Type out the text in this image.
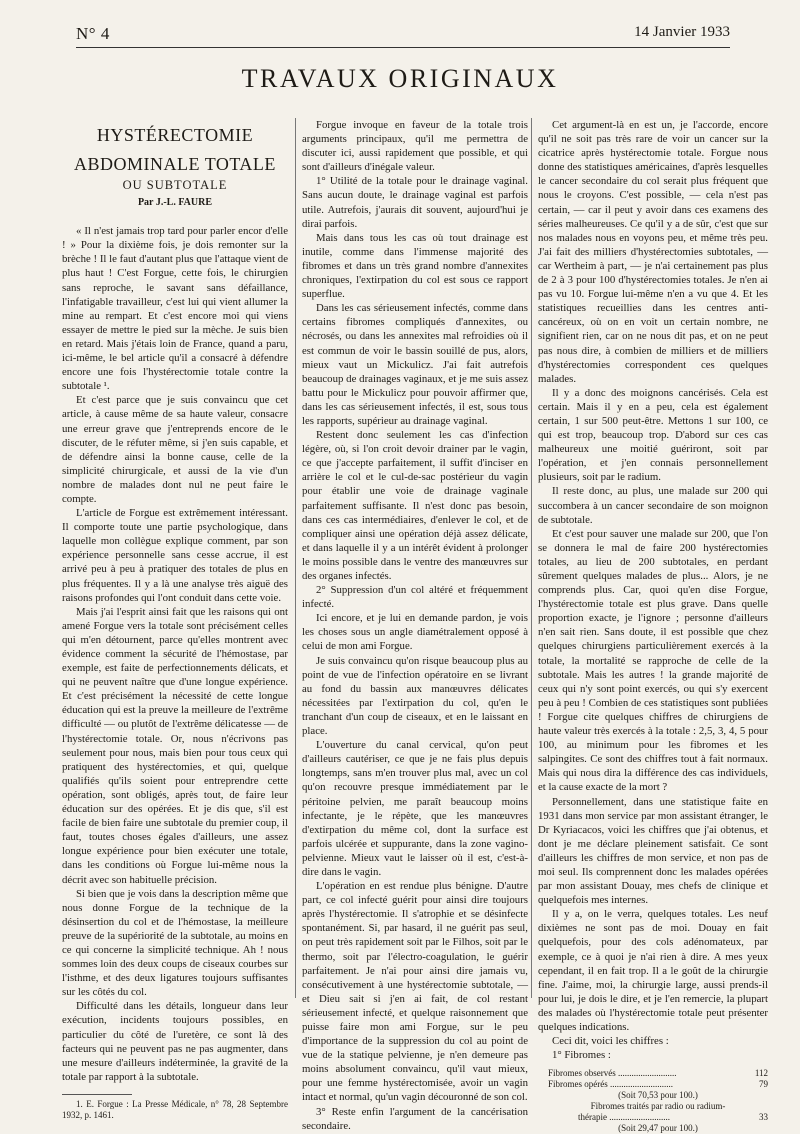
N° 4	14 Janvier 1933
TRAVAUX ORIGINAUX
HYSTÉRECTOMIE
ABDOMINALE TOTALE
OU SUBTOTALE
Par J.-L. FAURE

« Il n'est jamais trop tard pour parler encor d'elle ! » Pour la dixième fois, je dois remonter sur la brèche ! Il le faut d'autant plus que l'attaque vient de plus haut ! C'est Forgue, cette fois, le chirurgien sans reproche, le savant sans défaillance, l'infatigable travailleur, c'est lui qui vient allumer la mine au rempart. Et c'est encore moi qui viens essayer de mettre le pied sur la mèche. Je suis bien en retard. Mais j'étais loin de France, quand a paru, ici-même, le bel article qu'il a consacré à défendre encore une fois l'hystérectomie totale contre la subtotale ¹.

Et c'est parce que je suis convaincu que cet article, à cause même de sa haute valeur, consacre une erreur grave que j'entreprends encore de le discuter, de le réfuter même, si j'en suis capable, et de défendre ainsi la bonne cause, celle de la simplicité chirurgicale, et aussi de la vie d'un nombre de malades dont nul ne peut faire le compte.

L'article de Forgue est extrêmement intéressant. Il comporte toute une partie psychologique, dans laquelle mon collègue explique comment, par son expérience personnelle sans cesse accrue, il est arrivé peu à peu à pratiquer des totales de plus en plus fréquentes. Il y a là une analyse très aiguë des raisons profondes qui l'ont conduit dans cette voie.

Mais j'ai l'esprit ainsi fait que les raisons qui ont amené Forgue vers la totale sont précisément celles qui m'en détournent, parce qu'elles montrent avec évidence comment la sécurité de l'hémostase, par exemple, est faite de perfectionnements délicats, et qui ne peuvent naître que d'une longue expérience. Et c'est précisément la nécessité de cette longue éducation qui est la preuve la meilleure de l'extrême difficulté — ou plutôt de l'extrême délicatesse — de l'hystérectomie totale. Or, nous n'écrivons pas seulement pour nous, mais bien pour tous ceux qui pratiquent des hystérectomies, et qui, quelque qualifiés qu'ils soient pour entreprendre cette opération, sont obligés, après tout, de faire leur éducation sur des opérées. Et je dis que, s'il est facile de bien faire une subtotale du premier coup, il faut, toutes choses égales d'ailleurs, une assez longue expérience pour bien exécuter une totale, dans les conditions où Forgue lui-même nous la décrit avec son habituelle précision.

Si bien que je vois dans la description même que nous donne Forgue de la technique de la désinsertion du col et de l'hémostase, la meilleure preuve de la supériorité de la subtotale, au moins en ce qui concerne la simplicité technique. Ah ! nous sommes loin des deux coups de ciseaux courbes sur l'isthme, et des deux ligatures toujours suffisantes sur les côtés du col.

Difficulté dans les détails, longueur dans leur exécution, incidents toujours possibles, en particulier du côté de l'uretère, ce sont là des facteurs qui ne peuvent pas ne pas augmenter, dans une mesure d'ailleurs indéterminée, la gravité de la totale par rapport à la subtotale.

1. E. Forgue : La Presse Médicale, n° 78, 28 Septembre 1932, p. 1461.

Forgue invoque en faveur de la totale trois arguments principaux, qu'il me permettra de discuter ici, aussi rapidement que possible, et qui sont d'ailleurs d'inégale valeur.

1° Utilité de la totale pour le drainage vaginal. Sans aucun doute, le drainage vaginal est parfois utile. Autrefois, j'aurais dit souvent, aujourd'hui je dirai parfois.

Mais dans tous les cas où tout drainage est inutile, comme dans l'immense majorité des fibromes et dans un très grand nombre d'annexites chroniques, l'extirpation du col est sous ce rapport superflue.

Dans les cas sérieusement infectés, comme dans certains fibromes compliqués d'annexites, ou nécrosés, ou dans les annexites mal refroidies où il est commun de voir le bassin souillé de pus, alors, mieux vaut un Mickulicz. J'ai fait autrefois beaucoup de drainages vaginaux, et je me suis assez battu pour le Mickulicz pour pouvoir affirmer que, dans les cas sérieusement infectés, il est, sous tous les rapports, supérieur au drainage vaginal.

Restent donc seulement les cas d'infection légère, où, si l'on croit devoir drainer par le vagin, ce que j'accepte parfaitement, il suffit d'inciser en arrière le col et le cul-de-sac postérieur du vagin pour établir une voie de drainage vaginale parfaitement suffisante. Il n'est donc pas besoin, dans ces cas intermédiaires, d'enlever le col, et de compliquer ainsi une opération déjà assez délicate, et dans laquelle il y a un intérêt évident à prolonger le moins possible dans le ventre des manœuvres sur des organes infectés.

2° Suppression d'un col altéré et fréquemment infecté.

Ici encore, et je lui en demande pardon, je vois les choses sous un angle diamétralement opposé à celui de mon ami Forgue.

Je suis convaincu qu'on risque beaucoup plus au point de vue de l'infection opératoire en se livrant au fond du bassin aux manœuvres délicates nécessitées par l'extirpation du col, qu'en le tranchant d'un coup de ciseaux, et en le laissant en place.

L'ouverture du canal cervical, qu'on peut d'ailleurs cautériser, ce que je ne fais plus depuis longtemps, sans m'en trouver plus mal, avec un col qu'on recouvre presque immédiatement par le péritoine pelvien, me paraît beaucoup moins infectante, je le répète, que les manœuvres d'extirpation du même col, dont la surface est parfois ulcérée et suppurante, dans la zone vagino-pelvienne. Mieux vaut le laisser où il est, c'est-à-dire dans le vagin.

L'opération en est rendue plus bénigne. D'autre part, ce col infecté guérit pour ainsi dire toujours après l'hystérectomie. Il s'atrophie et se désinfecte spontanément. Si, par hasard, il ne guérit pas seul, on peut très rapidement soit par le Filhos, soit par le thermo, soit par l'électro-coagulation, le guérir parfaitement. Je n'ai pour ainsi dire jamais vu, consécutivement à une hystérectomie subtotale, — et Dieu sait si j'en ai fait, de col restant sérieusement infecté, et quelque raisonnement que puisse faire mon ami Forgue, sur le peu d'importance de la suppression du col au point de vue de la statique pelvienne, je n'en demeure pas moins absolument convaincu, qu'il vaut mieux, pour une femme hystérectomisée, avoir un vagin intact et normal, qu'un vagin découronné de son col.

3° Reste enfin l'argument de la cancérisation secondaire.

Cet argument-là en est un, je l'accorde, encore qu'il ne soit pas très rare de voir un cancer sur la cicatrice après hystérectomie totale. Forgue nous donne des statistiques américaines, d'après lesquelles le cancer secondaire du col serait plus fréquent que nous le croyons. C'est possible, — cela n'est pas certain, — car il peut y avoir dans ces examens des séries malheureuses. Ce qu'il y a de sûr, c'est que sur nos malades nous en voyons peu, et même très peu. J'ai fait des milliers d'hystérectomies subtotales, — car Wertheim à part, — je n'ai certainement pas plus de 2 à 3 pour 100 d'hystérectomies totales. Je n'en ai pas vu 10. Forgue lui-même n'en a vu que 4. Et les statistiques recueillies dans les centres anti-cancéreux, où on en voit un certain nombre, ne signifient rien, car on ne nous dit pas, et on ne peut pas nous dire, à combien de milliers et de milliers d'hystérectomies correspondent ces quelques malades.

Il y a donc des moignons cancérisés. Cela est certain. Mais il y en a peu, cela est également certain, 1 sur 500 peut-être. Mettons 1 sur 100, ce qui est trop, beaucoup trop. D'abord sur ces cas malheureux une moitié guériront, soit par l'opération, et j'en connais personnellement plusieurs, soit par le radium.

Il reste donc, au plus, une malade sur 200 qui succombera à un cancer secondaire de son moignon de subtotale.

Et c'est pour sauver une malade sur 200, que l'on se donnera le mal de faire 200 hystérectomies totales, au lieu de 200 subtotales, en perdant sûrement quelques malades de plus... Alors, je ne comprends plus. Car, quoi qu'en dise Forgue, l'hystérectomie totale est plus grave. Dans quelle proportion exacte, je l'ignore ; personne d'ailleurs n'en sait rien. Sans doute, il est possible que chez quelques chirurgiens particulièrement exercés à la totale, la mortalité se rapproche de celle de la subtotale. Mais les autres ! la grande majorité de ceux qui n'y sont point exercés, ou qui s'y exercent peu à peu ! Combien de ces statistiques sont publiées ! Forgue cite quelques chiffres de chirurgiens de haute valeur très exercés à la totale : 2,5, 3, 4, 5 pour 100, au minimum pour les fibromes et les salpingites. Ce sont des chiffres tout à fait normaux. Mais qui nous dira la différence des cas individuels, et la cause exacte de la mort ?

Personnellement, dans une statistique faite en 1931 dans mon service par mon assistant étranger, le Dr Kyriacacos, voici les chiffres que j'ai obtenus, et dont je me déclare pleinement satisfait. Ce sont d'ailleurs les chiffres de mon service, et non pas de moi seul. Ils comprennent donc les malades opérées par mon assistant Douay, mes chefs de clinique et quelquefois mes internes.

Il y a, on le verra, quelques totales. Les neuf dixièmes ne sont pas de moi. Douay en fait quelquefois, pour des cols adénomateux, par exemple, ce à quoi je n'ai rien à dire. A mes yeux cependant, il en fait trop. Il a le goût de la chirurgie fine. J'aime, moi, la chirurgie large, aussi prends-il pour lui, je dois le dire, et je l'en remercie, la plupart des malades où l'hystérectomie totale peut présenter quelques indications.

Ceci dit, voici les chiffres :

1° Fibromes :

Fibromes observés ..........................	112
Fibromes opérés ............................	79
(Soit 70,53 pour 100.)
Fibromes traités par radio ou radium-
thérapie ...........................	33
(Soit 29,47 pour 100.)
